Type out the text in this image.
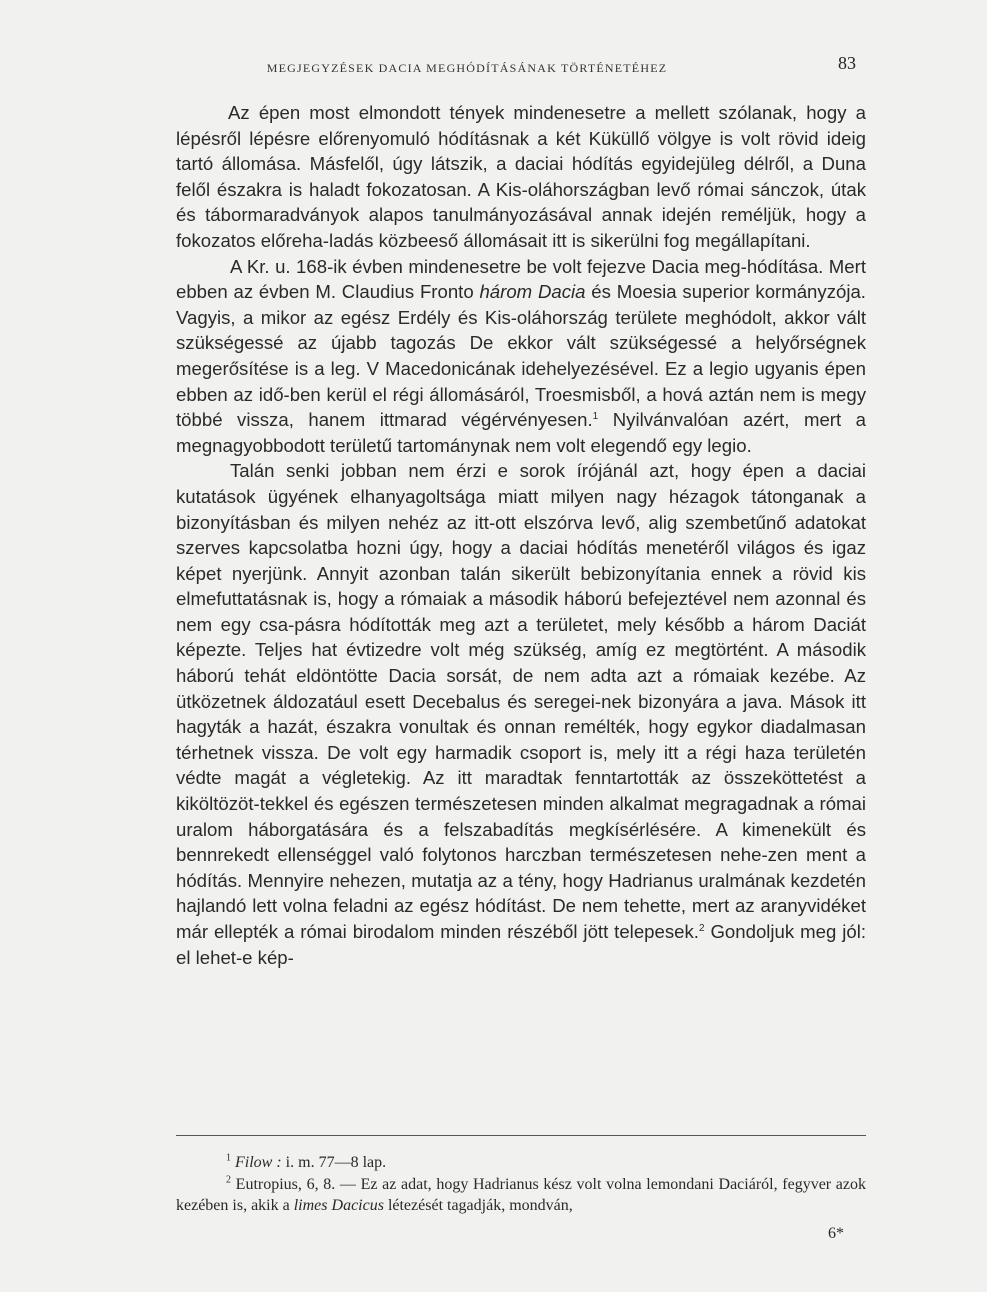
MEGJEGYZÉSEK DACIA MEGHÓDÍTÁSÁNAK TÖRTÉNETÉHEZ	83

Az épen most elmondott tények mindenesetre a mellett szólanak, hogy a lépésről lépésre előrenyomuló hódításnak a két Küküllő völgye is volt rövid ideig tartó állomása. Másfelől, úgy látszik, a daciai hódítás egyidejüleg délről, a Duna felől északra is haladt fokozatosan. A Kis-oláhországban levő római sánczok, útak és tábormaradványok alapos tanulmányozásával annak idején reméljük, hogy a fokozatos előreha-ladás közbeeső állomásait itt is sikerülni fog megállapítani.

A Kr. u. 168-ik évben mindenesetre be volt fejezve Dacia meg-hódítása. Mert ebben az évben M. Claudius Fronto három Dacia és Moesia superior kormányzója. Vagyis, a mikor az egész Erdély és Kis-oláhország területe meghódolt, akkor vált szükségessé az újabb tagozás De ekkor vált szükségessé a helyőrségnek megerősítése is a leg. V Macedonicának idehelyezésével. Ez a legio ugyanis épen ebben az idő-ben kerül el régi állomásáról, Troesmisből, a hová aztán nem is megy többé vissza, hanem ittmarad végérvényesen.$^1$ Nyilvánvalóan azért, mert a megnagyobbodott területű tartománynak nem volt elegendő egy legio.

Talán senki jobban nem érzi e sorok írójánál azt, hogy épen a daciai kutatások ügyének elhanyagoltsága miatt milyen nagy hézagok tátonganak a bizonyításban és milyen nehéz az itt-ott elszórva levő, alig szembetűnő adatokat szerves kapcsolatba hozni úgy, hogy a daciai hódítás menetéről világos és igaz képet nyerjünk. Annyit azonban talán sikerült bebizonyítania ennek a rövid kis elmefuttatásnak is, hogy a rómaiak a második háború befejeztével nem azonnal és nem egy csa-pásra hódították meg azt a területet, mely később a három Daciát képezte. Teljes hat évtizedre volt még szükség, amíg ez megtörtént. A második háború tehát eldöntötte Dacia sorsát, de nem adta azt a rómaiak kezébe. Az ütközetnek áldozatául esett Decebalus és seregei-nek bizonyára a java. Mások itt hagyták a hazát, északra vonultak és onnan remélték, hogy egykor diadalmasan térhetnek vissza. De volt egy harmadik csoport is, mely itt a régi haza területén védte magát a végletekig. Az itt maradtak fenntartották az összeköttetést a kiköltözöt-tekkel és egészen természetesen minden alkalmat megragadnak a római uralom háborgatására és a felszabadítás megkísérlésére. A kimenekült és bennrekedt ellenséggel való folytonos harczban természetesen nehe-zen ment a hódítás. Mennyire nehezen, mutatja az a tény, hogy Hadrianus uralmának kezdetén hajlandó lett volna feladni az egész hódítást. De nem tehette, mert az aranyvidéket már ellepték a római birodalom minden részéből jött telepesek.$^2$ Gondoljuk meg jól: el lehet-e kép-

$^1$ Filow : i. m. 77—8 lap.

$^2$ Eutropius, 6, 8. — Ez az adat, hogy Hadrianus kész volt volna lemondani Daciáról, fegyver azok kezében is, akik a limes Dacicus létezését tagadják, mondván,

6*
